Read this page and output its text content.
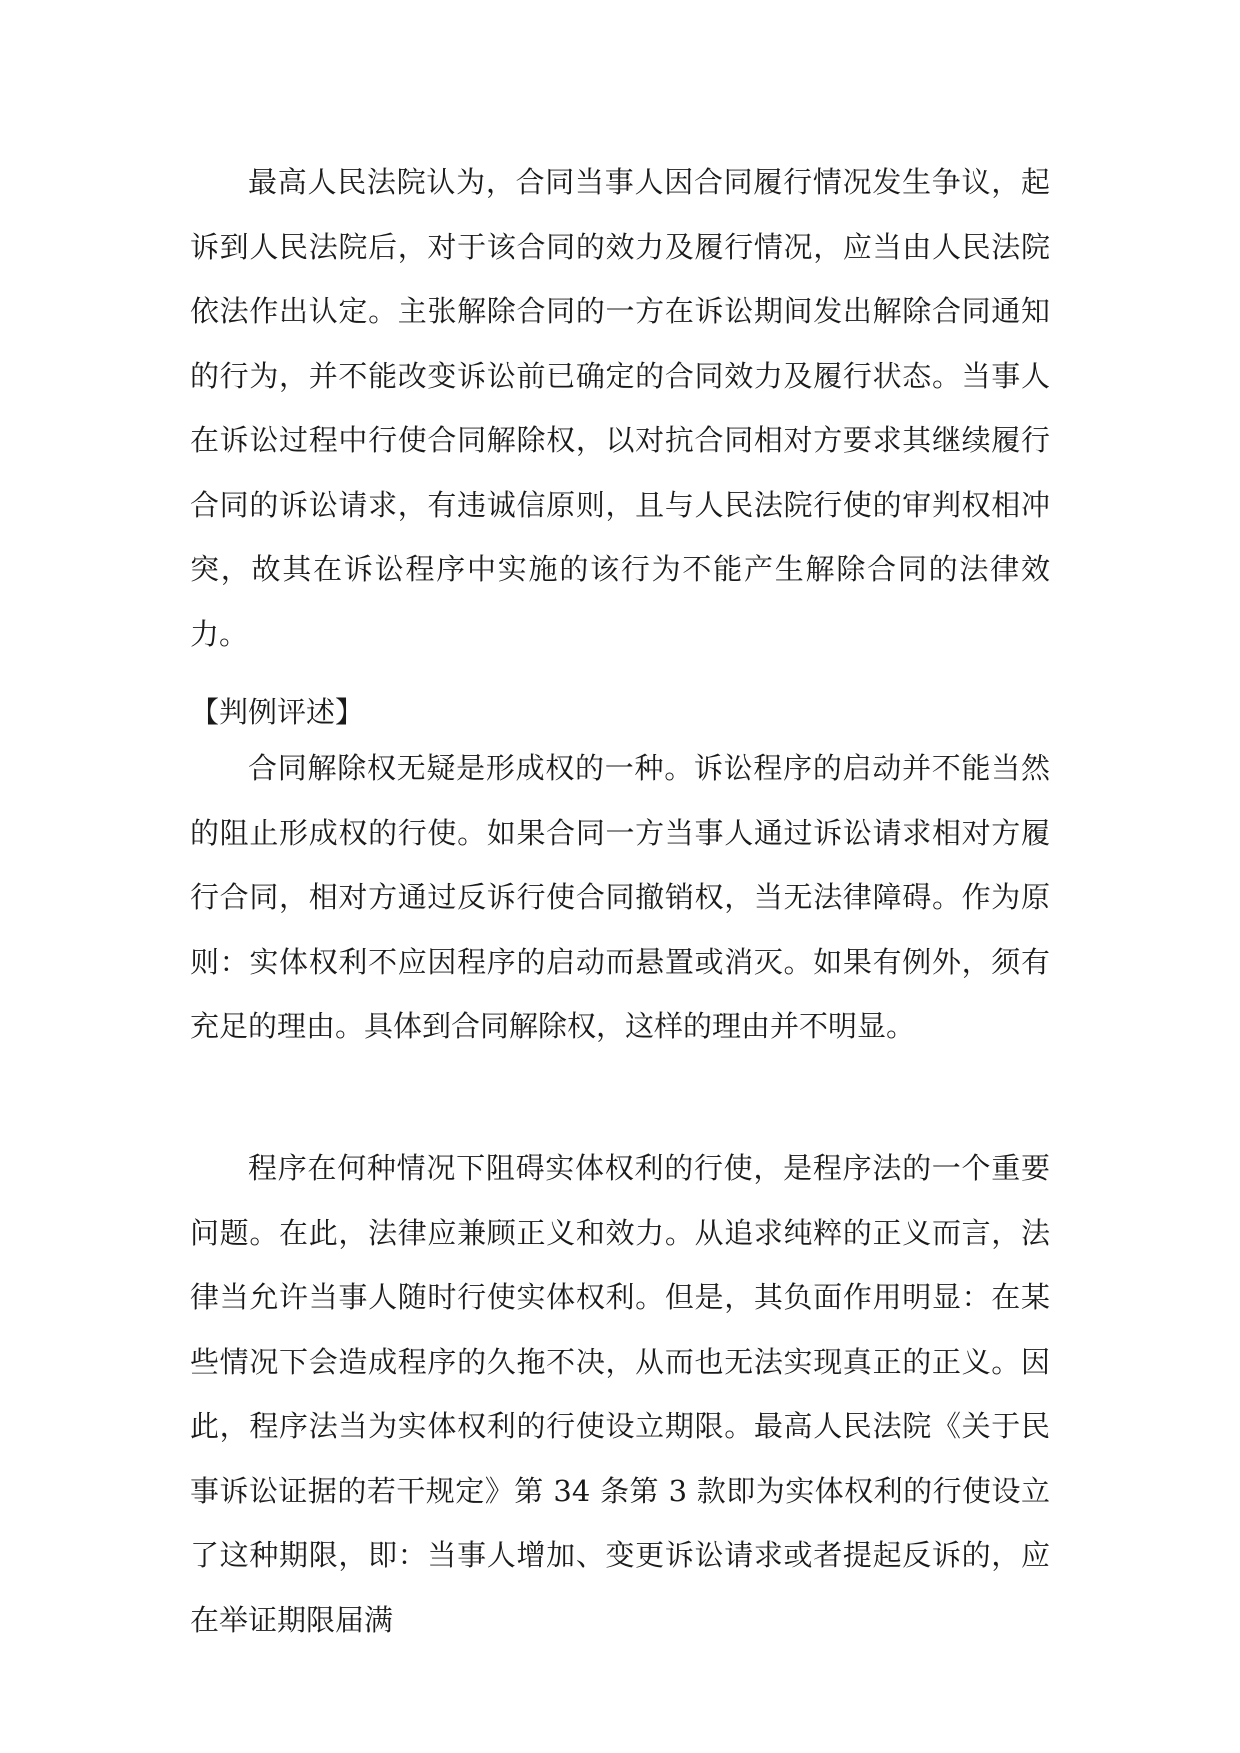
最高人民法院认为，合同当事人因合同履行情况发生争议，起诉到人民法院后，对于该合同的效力及履行情况，应当由人民法院依法作出认定。主张解除合同的一方在诉讼期间发出解除合同通知的行为，并不能改变诉讼前已确定的合同效力及履行状态。当事人在诉讼过程中行使合同解除权，以对抗合同相对方要求其继续履行合同的诉讼请求，有违诚信原则，且与人民法院行使的审判权相冲突，故其在诉讼程序中实施的该行为不能产生解除合同的法律效力。

【判例评述】

合同解除权无疑是形成权的一种。诉讼程序的启动并不能当然的阻止形成权的行使。如果合同一方当事人通过诉讼请求相对方履行合同，相对方通过反诉行使合同撤销权，当无法律障碍。作为原则：实体权利不应因程序的启动而悬置或消灭。如果有例外，须有充足的理由。具体到合同解除权，这样的理由并不明显。

程序在何种情况下阻碍实体权利的行使，是程序法的一个重要问题。在此，法律应兼顾正义和效力。从追求纯粹的正义而言，法律当允许当事人随时行使实体权利。但是，其负面作用明显：在某些情况下会造成程序的久拖不决，从而也无法实现真正的正义。因此，程序法当为实体权利的行使设立期限。最高人民法院《关于民事诉讼证据的若干规定》第 34 条第 3 款即为实体权利的行使设立了这种期限，即：当事人增加、变更诉讼请求或者提起反诉的，应在举证期限届满
